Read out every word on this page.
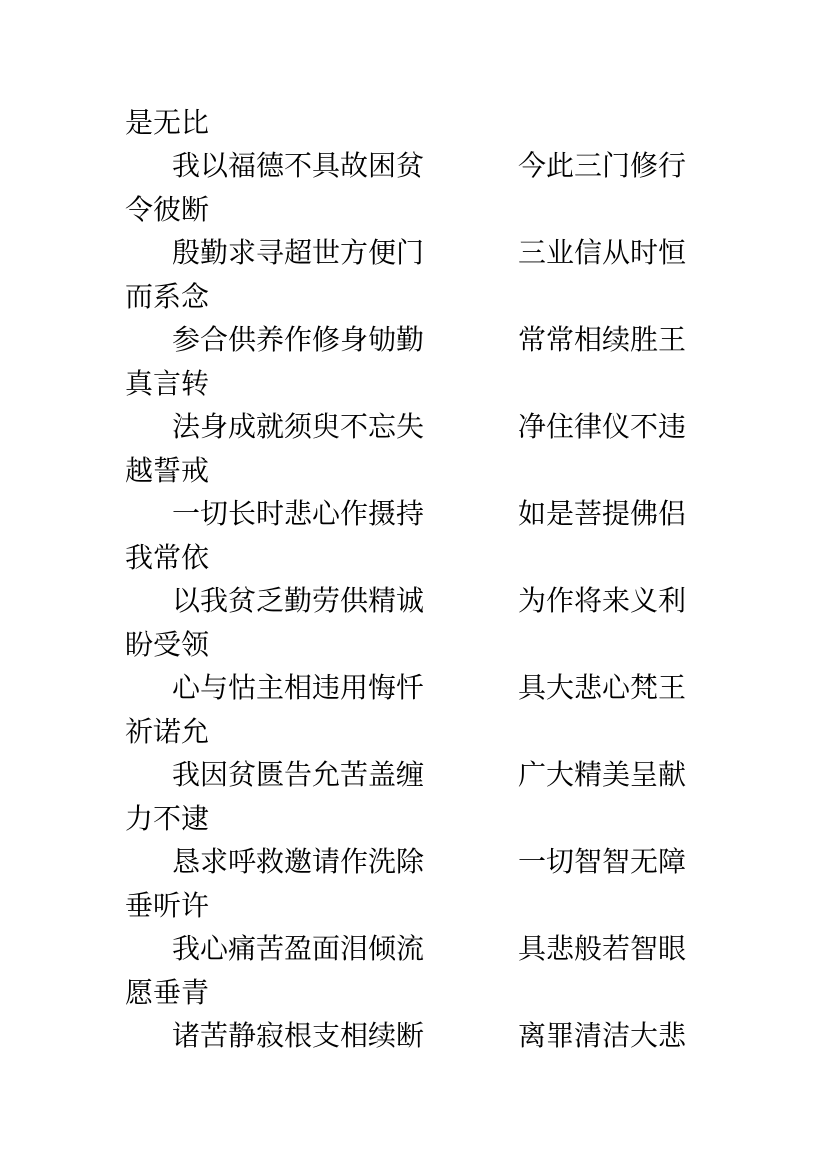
是无比
我以福德不具故困贫	今此三门修行
令彼断
殷勤求寻超世方便门	三业信从时恒
而系念
参合供养作修身劬勤	常常相续胜王
真言转
法身成就须臾不忘失	净住律仪不违
越誓戒
一切长时悲心作摄持	如是菩提佛侣
我常依
以我贫乏勤劳供精诚	为作将来义利
盼受领
心与怙主相违用悔忏	具大悲心梵王
祈诺允
我因贫匮告允苦盖缠	广大精美呈献
力不逮
恳求呼救邀请作洗除	一切智智无障
垂听许
我心痛苦盈面泪倾流	具悲般若智眼
愿垂青
诸苦静寂根支相续断	离罪清洁大悲
